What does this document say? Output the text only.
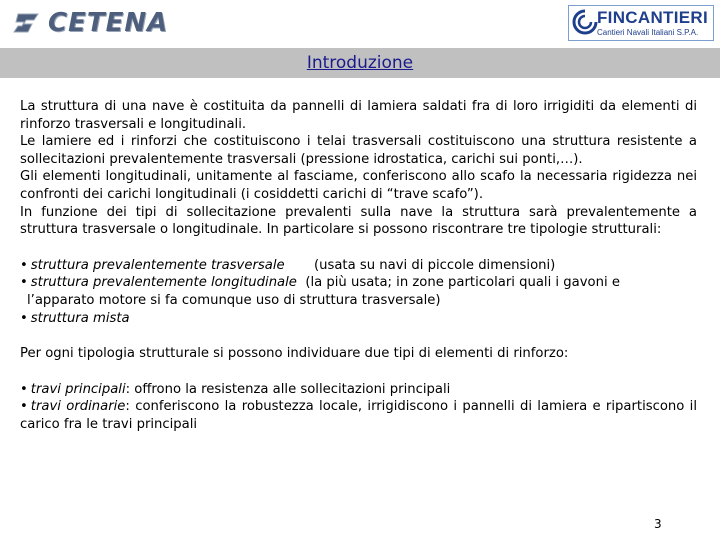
CETENA	FINCANTIERI
Cantieri Navali Italiani S.P.A.
Introduzione

La struttura di una nave è costituita da pannelli di lamiera saldati fra di loro irrigiditi da elementi di rinforzo trasversali e longitudinali.

Le lamiere ed i rinforzi che costituiscono i telai trasversali costituiscono una struttura resistente a sollecitazioni prevalentemente trasversali (pressione idrostatica, carichi sui ponti,…).

Gli elementi longitudinali, unitamente al fasciame, conferiscono allo scafo la necessaria rigidezza nei confronti dei carichi longitudinali (i cosiddetti carichi di “trave scafo”).

In funzione dei tipi di sollecitazione prevalenti sulla nave la struttura sarà prevalentemente a struttura trasversale o longitudinale. In particolare si possono riscontrare tre tipologie strutturali:

• struttura prevalentemente trasversale (usata su navi di piccole dimensioni)

• struttura prevalentemente longitudinale (la più usata; in zone particolari quali i gavoni e

l’apparato motore si fa comunque uso di struttura trasversale)

• struttura mista

Per ogni tipologia strutturale si possono individuare due tipi di elementi di rinforzo:

• travi principali: offrono la resistenza alle sollecitazioni principali

• travi ordinarie: conferiscono la robustezza locale, irrigidiscono i pannelli di lamiera e ripartiscono il carico fra le travi principali

3
